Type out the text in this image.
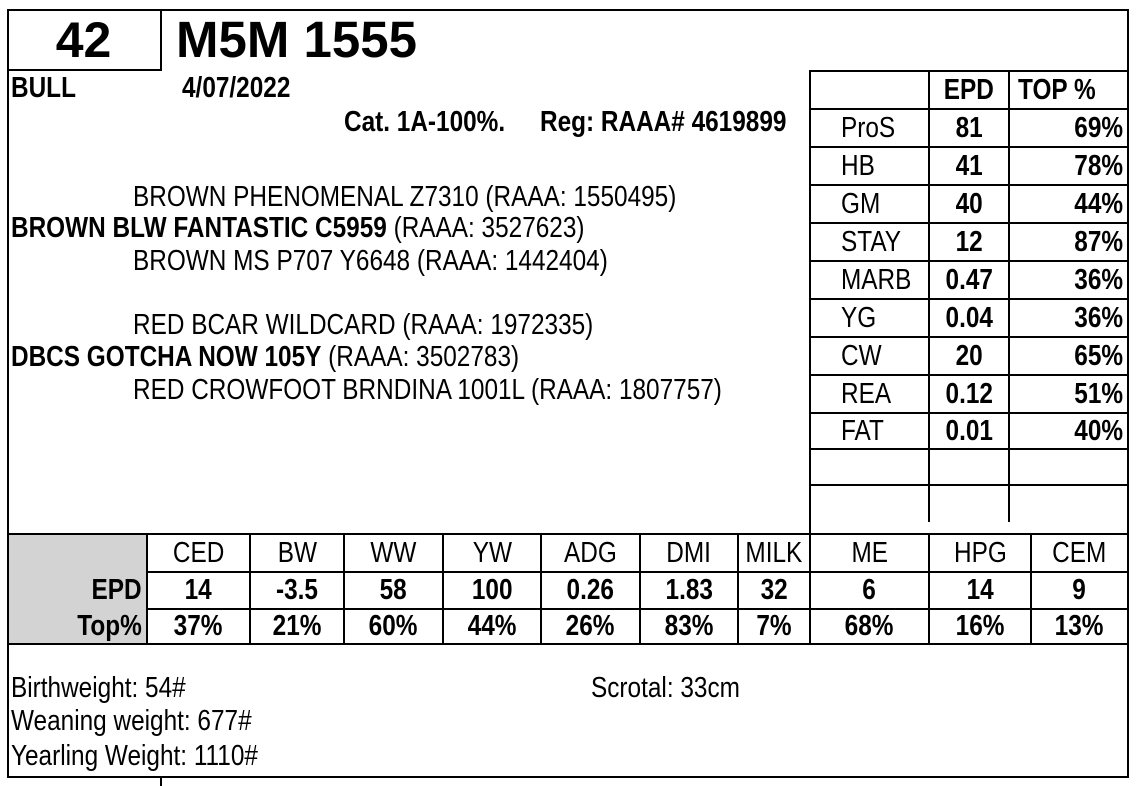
42	M5M 1555
BULL	4/07/2022
Cat. 1A-100%.	Reg: RAAA# 4619899
BROWN PHENOMENAL Z7310 (RAAA: 1550495)
BROWN BLW FANTASTIC C5959 (RAAA: 3527623)
BROWN MS P707 Y6648 (RAAA: 1442404)
RED BCAR WILDCARD (RAAA: 1972335)
DBCS GOTCHA NOW 105Y (RAAA: 3502783)
RED CROWFOOT BRNDINA 1001L (RAAA: 1807757)
EPD TOP %
ProS 81	69%
HB	41	78%
GM	40	44%
STAY 12	87%
MARB 0.47	36%
YG 0.04	36%
CW	20	65%
REA 0.12	51%
FAT 0.01	40%
CED BW WW YW ADG DMI MILK ME HPG CEM
EPD 14 -3.5 58 100 0.26 1.83 32	6	14	9
Top% 37% 21% 60% 44% 26% 83% 7% 68% 16% 13%
Birthweight: 54#
Weaning weight: 677#
Yearling Weight: 1110#
Scrotal: 33cm
